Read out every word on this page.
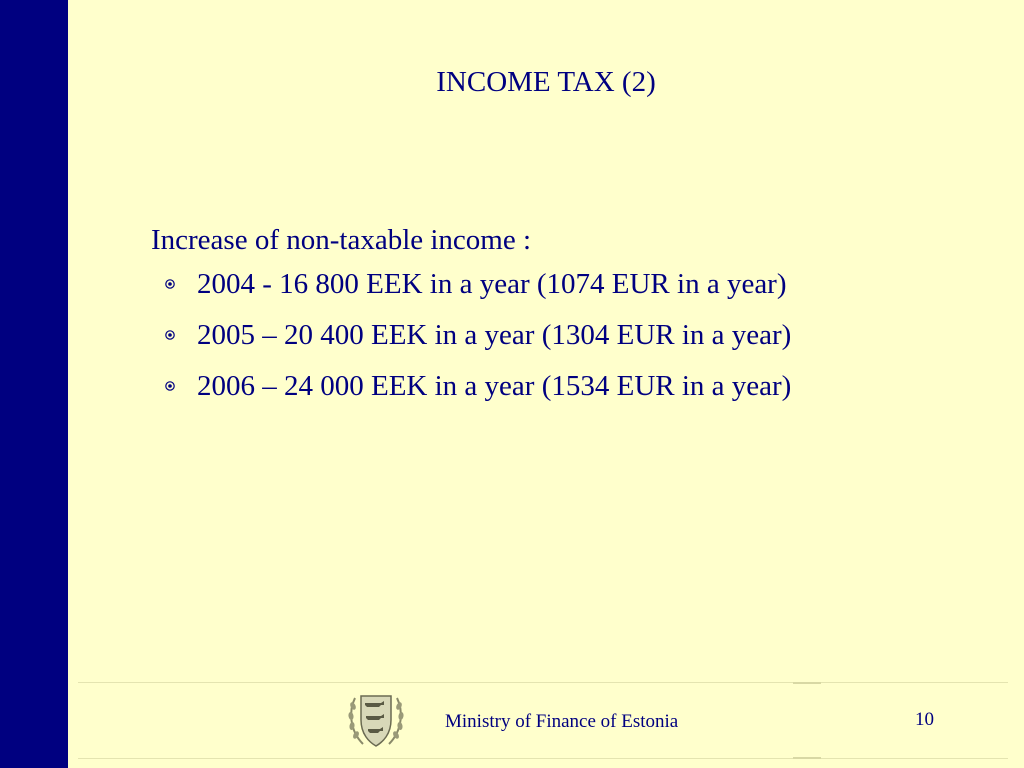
INCOME TAX (2)

Increase of non-taxable income :

2004 - 16 800 EEK in a year (1074 EUR in a year)
2005 – 20 400 EEK in a year (1304 EUR in a year)
2006 – 24 000 EEK in a year (1534 EUR in a year)
Ministry of Finance of Estonia	10
